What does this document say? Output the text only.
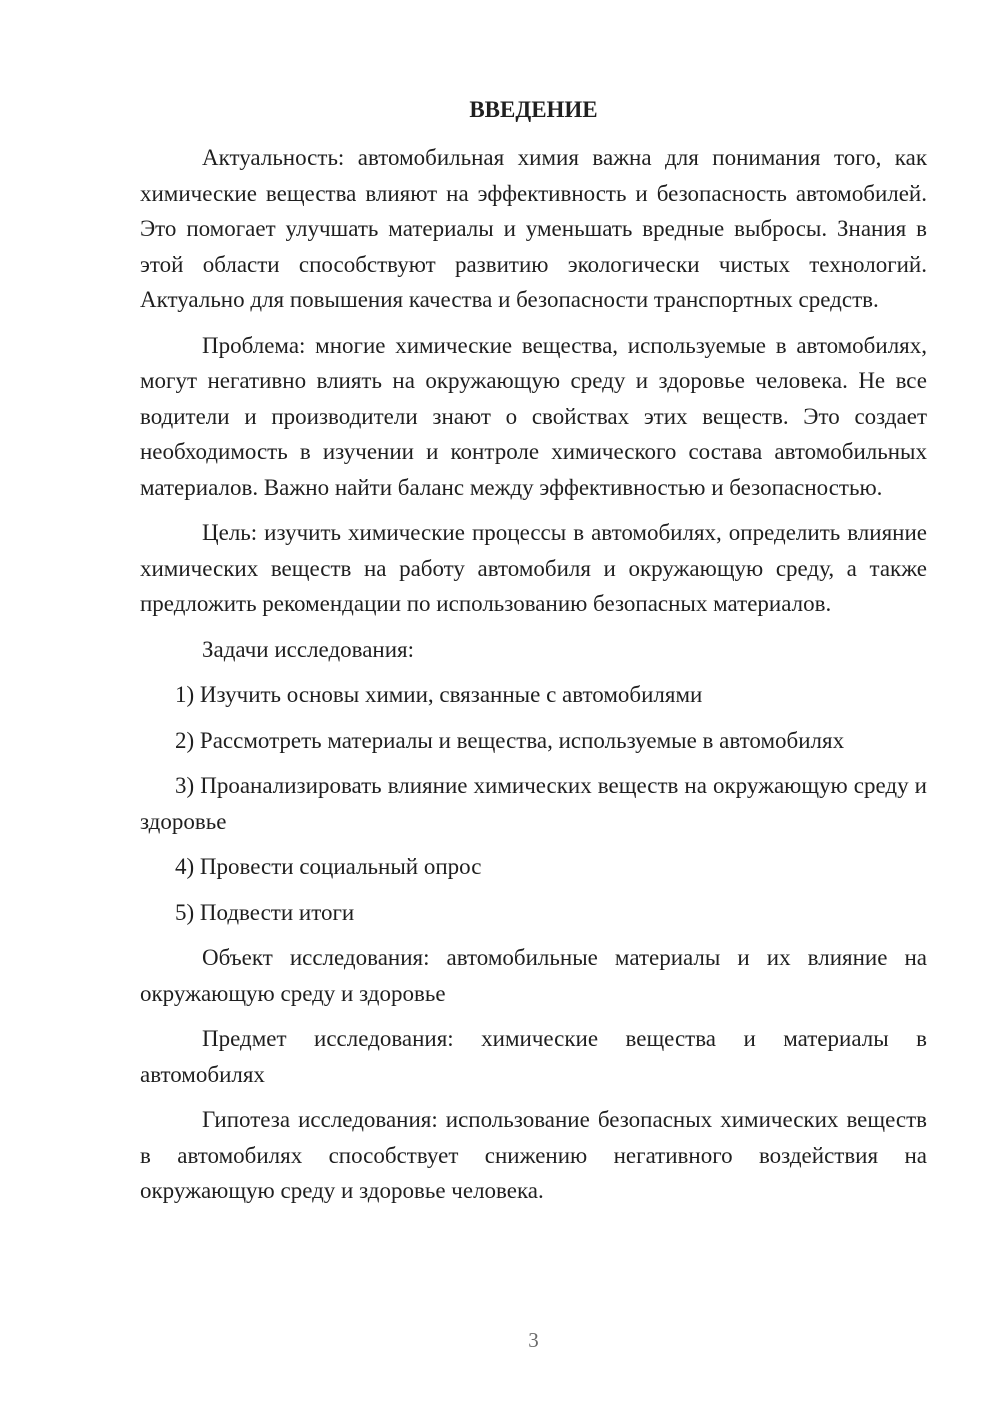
ВВЕДЕНИЕ

Актуальность: автомобильная химия важна для понимания того, как химические вещества влияют на эффективность и безопасность автомобилей. Это помогает улучшать материалы и уменьшать вредные выбросы. Знания в этой области способствуют развитию экологически чистых технологий. Актуально для повышения качества и безопасности транспортных средств.

Проблема: многие химические вещества, используемые в автомобилях, могут негативно влиять на окружающую среду и здоровье человека. Не все водители и производители знают о свойствах этих веществ. Это создает необходимость в изучении и контроле химического состава автомобильных материалов. Важно найти баланс между эффективностью и безопасностью.

Цель: изучить химические процессы в автомобилях, определить влияние химических веществ на работу автомобиля и окружающую среду, а также предложить рекомендации по использованию безопасных материалов.

Задачи исследования:

1) Изучить основы химии, связанные с автомобилями

2) Рассмотреть материалы и вещества, используемые в автомобилях

3) Проанализировать влияние химических веществ на окружающую среду и здоровье

4) Провести социальный опрос

5) Подвести итоги

Объект исследования: автомобильные материалы и их влияние на окружающую среду и здоровье

Предмет исследования: химические вещества и материалы в автомобилях

Гипотеза исследования: использование безопасных химических веществ в автомобилях способствует снижению негативного воздействия на окружающую среду и здоровье человека.

3
